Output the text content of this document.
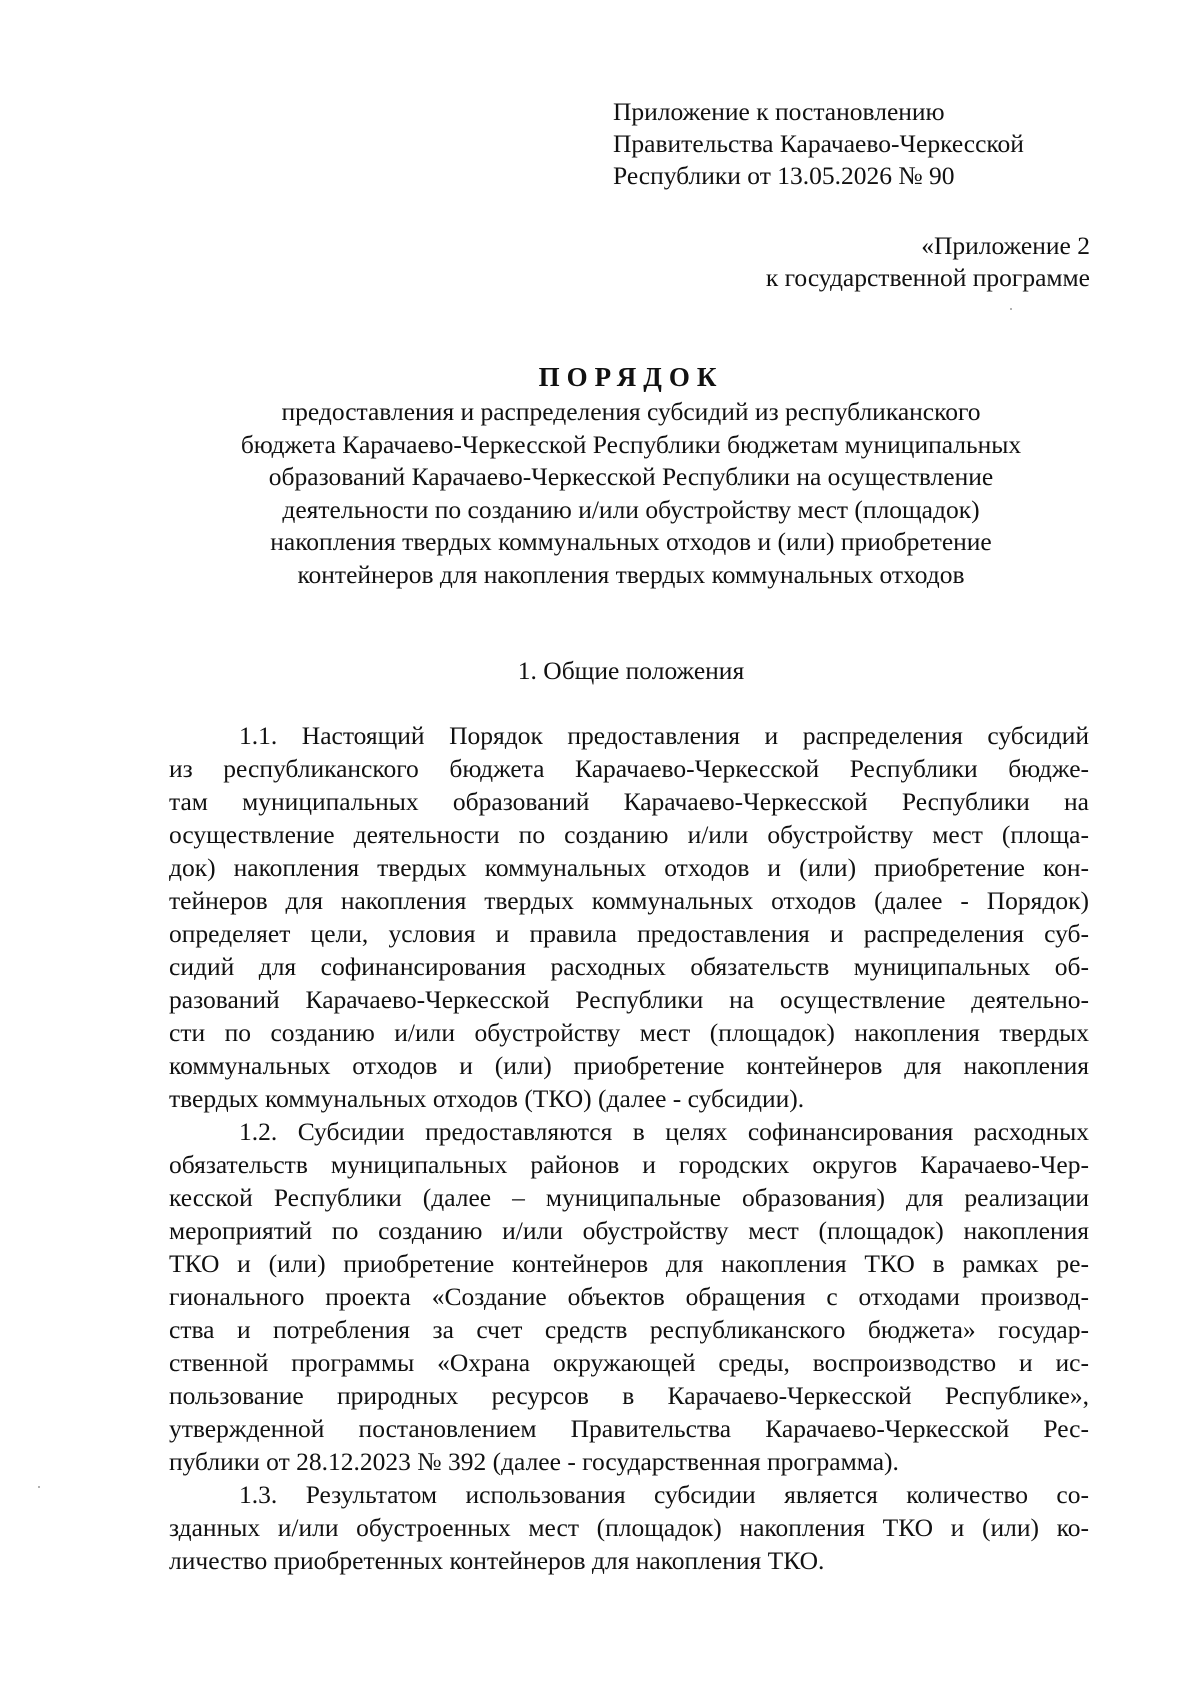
Приложение к постановлению
Правительства Карачаево-Черкесской
Республики от 13.05.2026 № 90
«Приложение 2
к государственной программе
ПОРЯДОК
предоставления и распределения субсидий из республиканского
бюджета Карачаево-Черкесской Республики бюджетам муниципальных
образований Карачаево-Черкесской Республики на осуществление
деятельности по созданию и/или обустройству мест (площадок)
накопления твердых коммунальных отходов и (или) приобретение
контейнеров для накопления твердых коммунальных отходов
1. Общие положения
1.1. Настоящий Порядок предоставления и распределения субсидий
из республиканского бюджета Карачаево-Черкесской Республики бюдже-
там муниципальных образований Карачаево-Черкесской Республики на
осуществление деятельности по созданию и/или обустройству мест (площа-
док) накопления твердых коммунальных отходов и (или) приобретение кон-
тейнеров для накопления твердых коммунальных отходов (далее - Порядок)
определяет цели, условия и правила предоставления и распределения суб-
сидий для софинансирования расходных обязательств муниципальных об-
разований Карачаево-Черкесской Республики на осуществление деятельно-
сти по созданию и/или обустройству мест (площадок) накопления твердых
коммунальных отходов и (или) приобретение контейнеров для накопления
твердых коммунальных отходов (ТКО) (далее - субсидии).
1.2. Субсидии предоставляются в целях софинансирования расходных
обязательств муниципальных районов и городских округов Карачаево-Чер-
кесской Республики (далее – муниципальные образования) для реализации
мероприятий по созданию и/или обустройству мест (площадок) накопления
ТКО и (или) приобретение контейнеров для накопления ТКО в рамках ре-
гионального проекта «Создание объектов обращения с отходами производ-
ства и потребления за счет средств республиканского бюджета» государ-
ственной программы «Охрана окружающей среды, воспроизводство и ис-
пользование природных ресурсов в Карачаево-Черкесской Республике»,
утвержденной постановлением Правительства Карачаево-Черкесской Рес-
публики от 28.12.2023 № 392 (далее - государственная программа).
1.3. Результатом использования субсидии является количество со-
зданных и/или обустроенных мест (площадок) накопления ТКО и (или) ко-
личество приобретенных контейнеров для накопления ТКО.
